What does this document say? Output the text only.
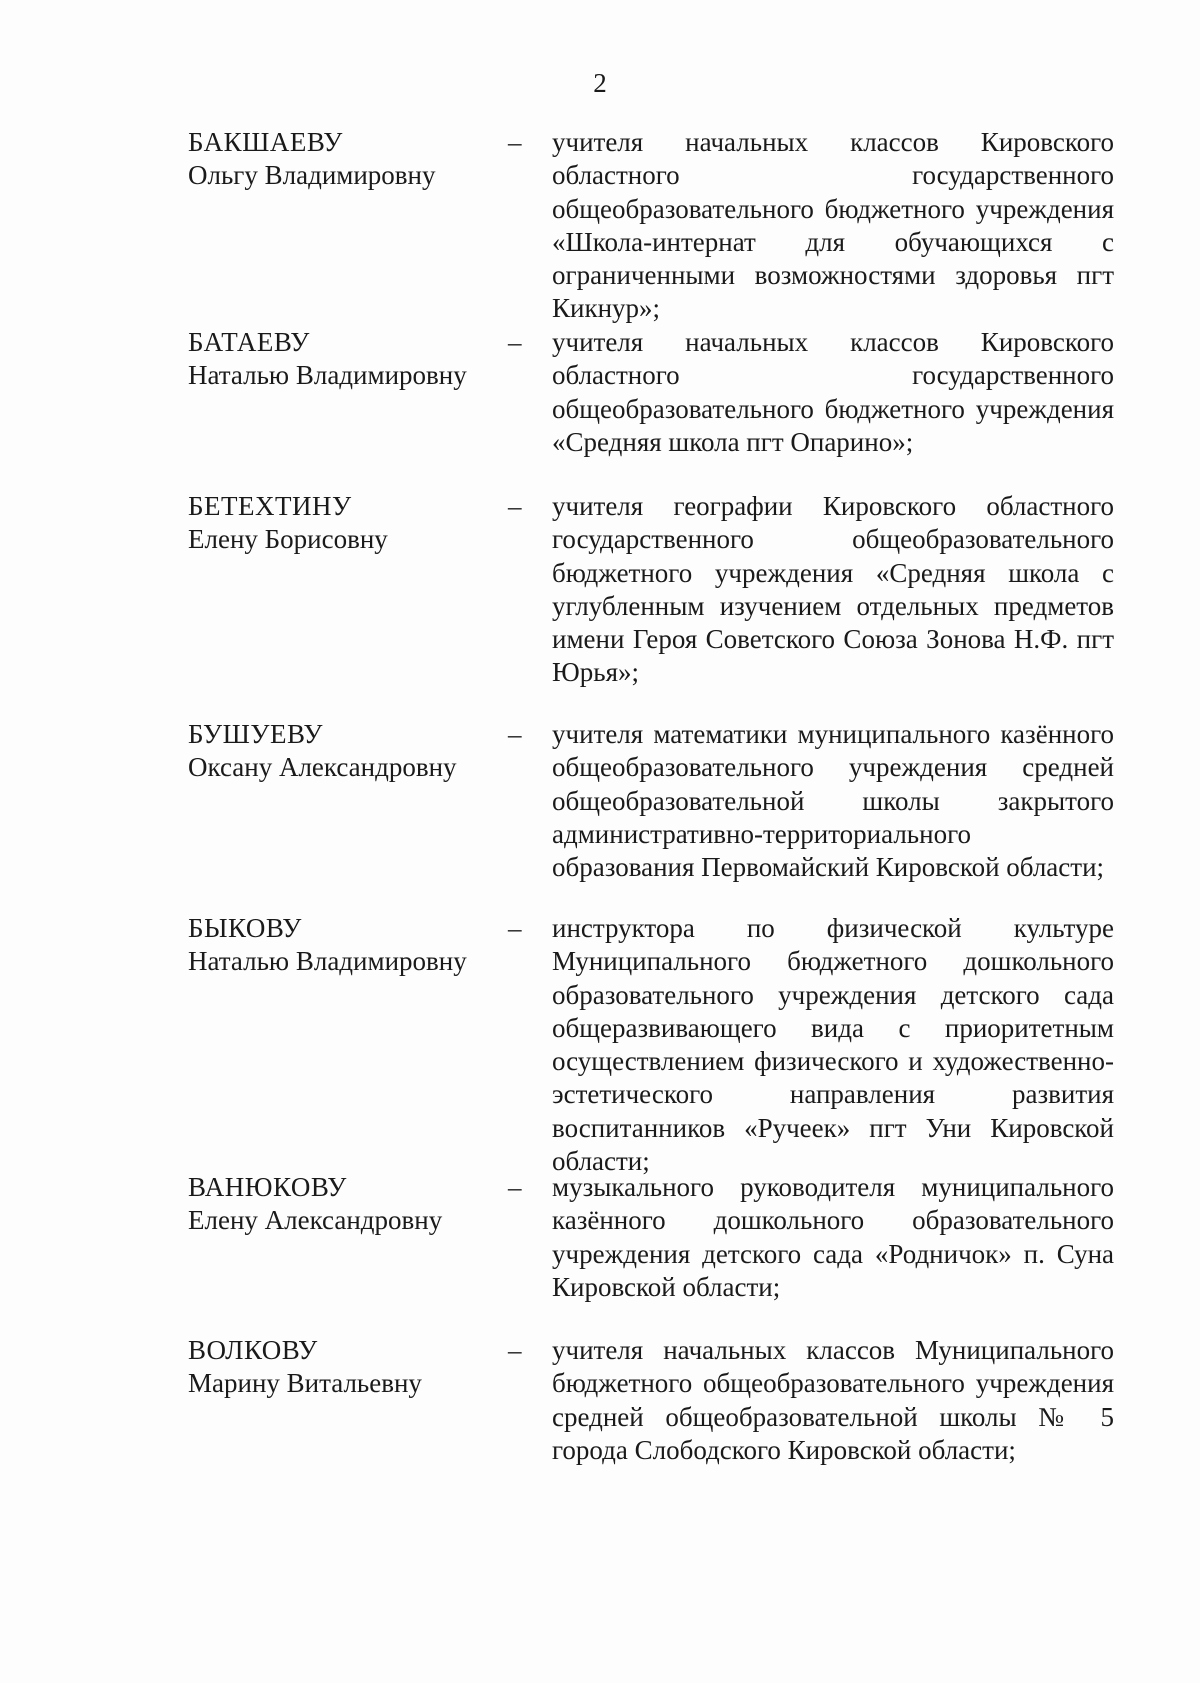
2
БАКШАЕВУ
Ольгу Владимировну
– учителя начальных классов Кировского областного государственного общеобразовательного бюджетного учреждения «Школа-интернат для обучающихся с ограниченными возможностями здоровья пгт Кикнур»;
БАТАЕВУ
Наталью Владимировну
– учителя начальных классов Кировского областного государственного общеобразовательного бюджетного учреждения «Средняя школа пгт Опарино»;
БЕТЕХТИНУ
Елену Борисовну
– учителя географии Кировского областного государственного общеобразовательного бюджетного учреждения «Средняя школа с углубленным изучением отдельных предметов имени Героя Советского Союза Зонова Н.Ф. пгт Юрья»;
БУШУЕВУ
Оксану Александровну
– учителя математики муниципального казённого общеобразовательного учреждения средней общеобразовательной школы закрытого административно-территориального образования Первомайский Кировской области;
БЫКОВУ
Наталью Владимировну
– инструктора по физической культуре Муниципального бюджетного дошкольного образовательного учреждения детского сада общеразвивающего вида с приоритетным осуществлением физического и художественно-эстетического направления развития воспитанников «Ручеек» пгт Уни Кировской области;
ВАНЮКОВУ
Елену Александровну
– музыкального руководителя муниципального казённого дошкольного образовательного учреждения детского сада «Родничок» п. Суна Кировской области;
ВОЛКОВУ
Марину Витальевну
– учителя начальных классов Муниципального бюджетного общеобразовательного учреждения средней общеобразовательной школы № 5 города Слободского Кировской области;
